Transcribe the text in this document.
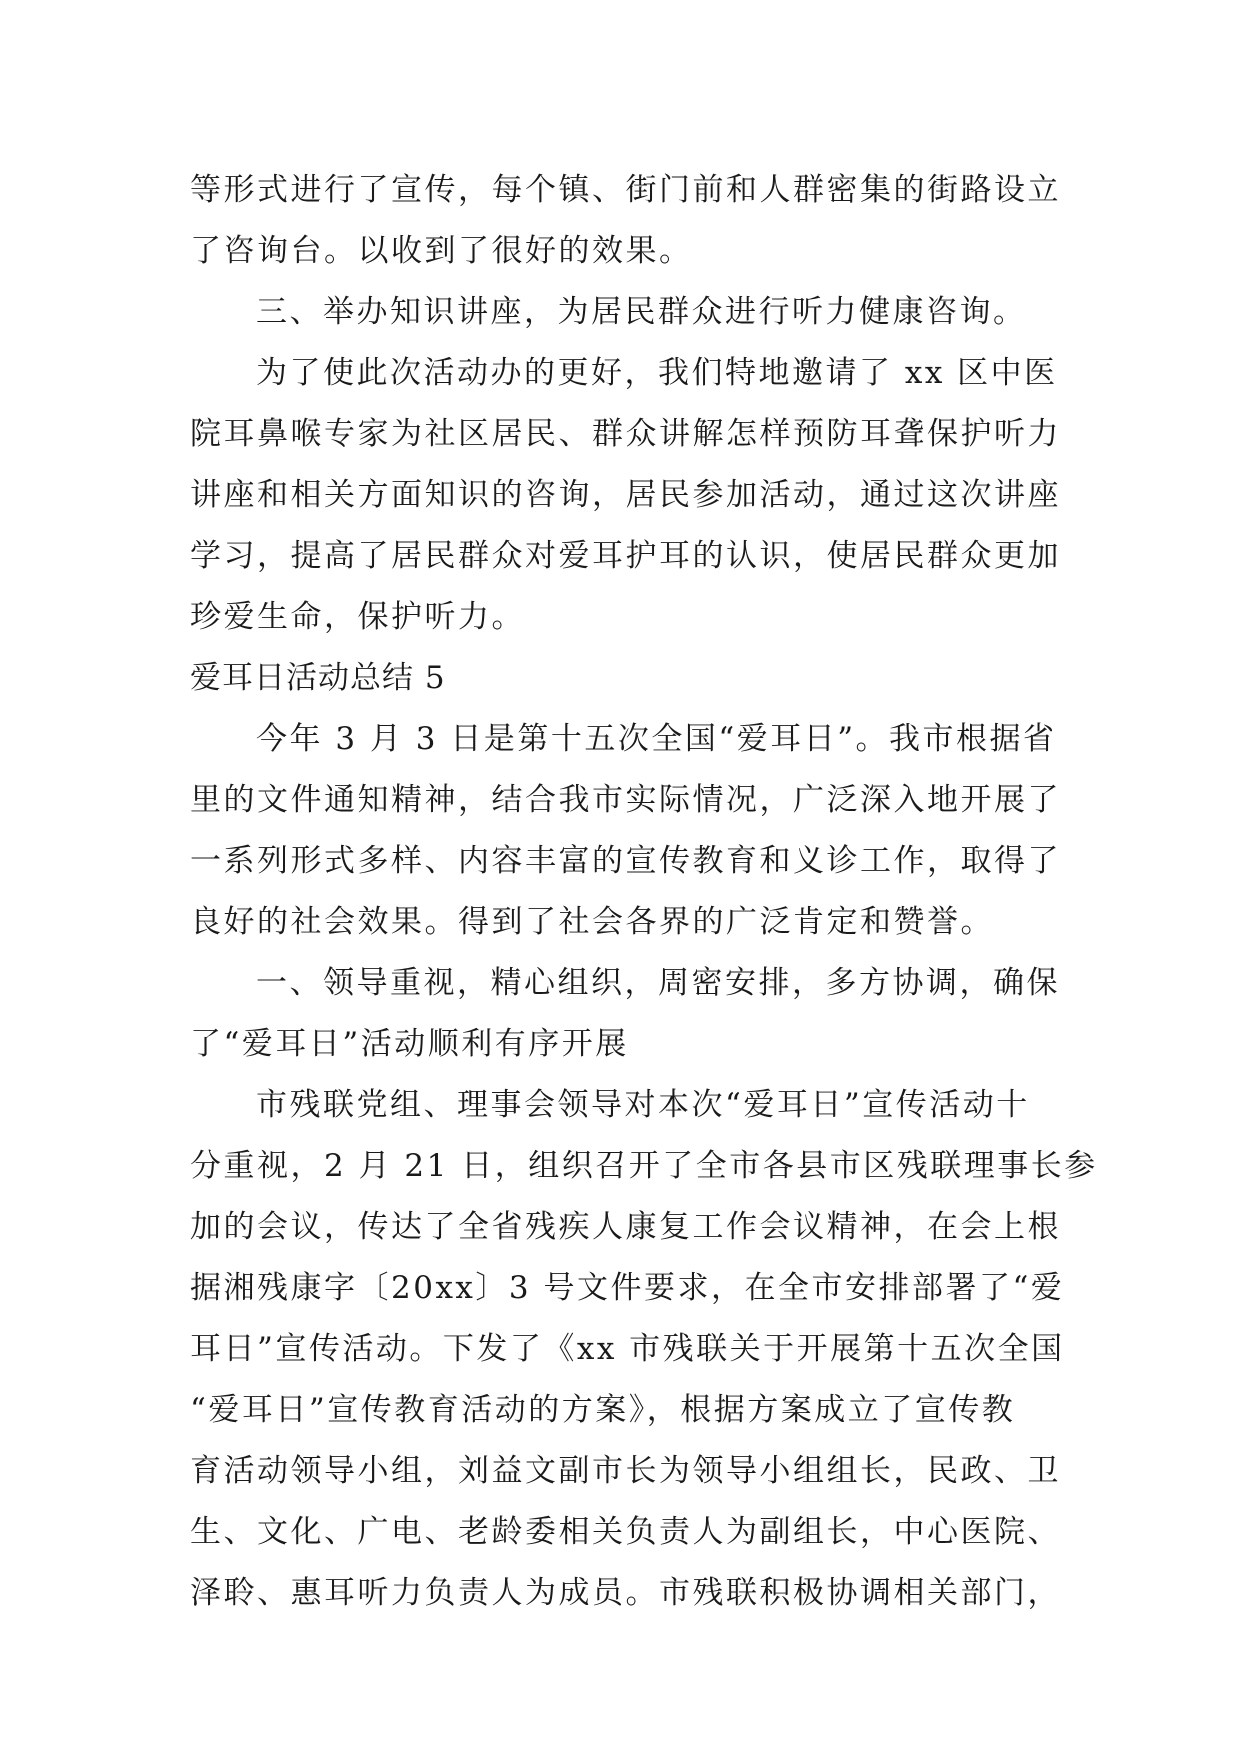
等形式进行了宣传，每个镇、街门前和人群密集的街路设立
了咨询台。以收到了很好的效果。
三、举办知识讲座，为居民群众进行听力健康咨询。
为了使此次活动办的更好，我们特地邀请了 xx 区中医
院耳鼻喉专家为社区居民、群众讲解怎样预防耳聋保护听力
讲座和相关方面知识的咨询，居民参加活动，通过这次讲座
学习，提高了居民群众对爱耳护耳的认识，使居民群众更加
珍爱生命，保护听力。
爱耳日活动总结 5
今年 3 月 3 日是第十五次全国“爱耳日”。我市根据省
里的文件通知精神，结合我市实际情况，广泛深入地开展了
一系列形式多样、内容丰富的宣传教育和义诊工作，取得了
良好的社会效果。得到了社会各界的广泛肯定和赞誉。
一、领导重视，精心组织，周密安排，多方协调，确保
了“爱耳日”活动顺利有序开展
市残联党组、理事会领导对本次“爱耳日”宣传活动十
分重视，2 月 21 日，组织召开了全市各县市区残联理事长参
加的会议，传达了全省残疾人康复工作会议精神，在会上根
据湘残康字〔20xx〕3 号文件要求，在全市安排部署了“爱
耳日”宣传活动。下发了《xx 市残联关于开展第十五次全国
“爱耳日”宣传教育活动的方案》，根据方案成立了宣传教
育活动领导小组，刘益文副市长为领导小组组长，民政、卫
生、文化、广电、老龄委相关负责人为副组长，中心医院、
泽聆、惠耳听力负责人为成员。市残联积极协调相关部门，
